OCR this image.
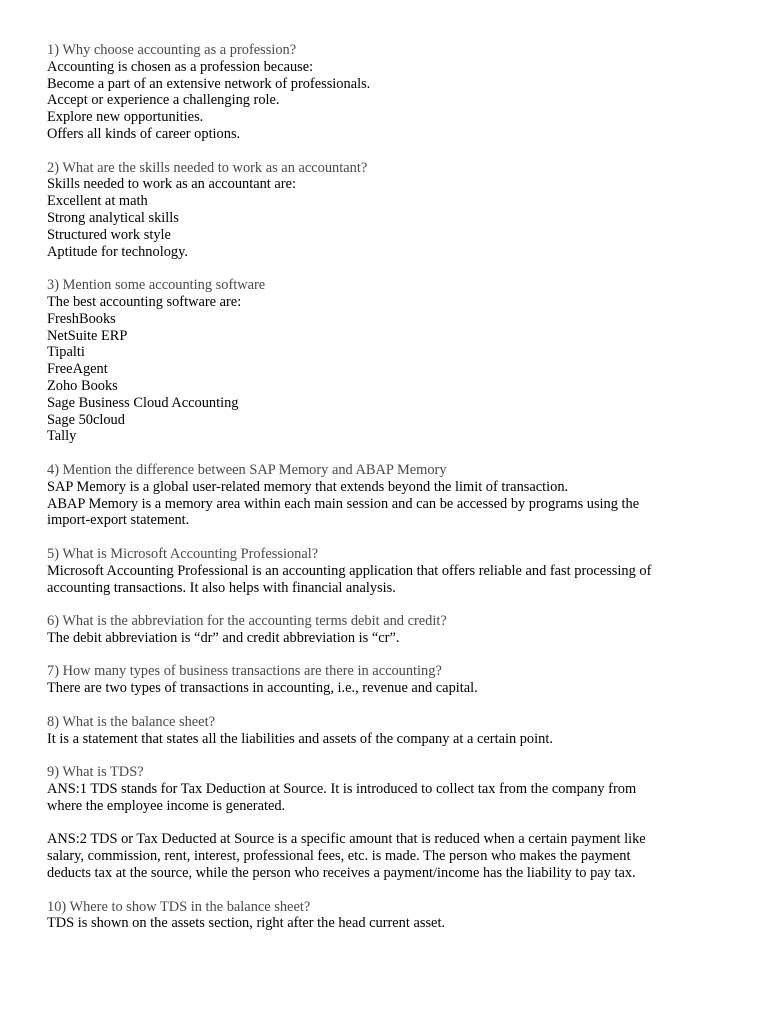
1) Why choose accounting as a profession?
Accounting is chosen as a profession because:
Become a part of an extensive network of professionals.
Accept or experience a challenging role.
Explore new opportunities.
Offers all kinds of career options.
2) What are the skills needed to work as an accountant?
Skills needed to work as an accountant are:
Excellent at math
Strong analytical skills
Structured work style
Aptitude for technology.
3) Mention some accounting software
The best accounting software are:
FreshBooks
NetSuite ERP
Tipalti
FreeAgent
Zoho Books
Sage Business Cloud Accounting
Sage 50cloud
Tally
4) Mention the difference between SAP Memory and ABAP Memory
SAP Memory is a global user-related memory that extends beyond the limit of transaction.
ABAP Memory is a memory area within each main session and can be accessed by programs using the
import-export statement.
5) What is Microsoft Accounting Professional?
Microsoft Accounting Professional is an accounting application that offers reliable and fast processing of
accounting transactions. It also helps with financial analysis.
6) What is the abbreviation for the accounting terms debit and credit?
The debit abbreviation is “dr” and credit abbreviation is “cr”.
7) How many types of business transactions are there in accounting?
There are two types of transactions in accounting, i.e., revenue and capital.
8) What is the balance sheet?
It is a statement that states all the liabilities and assets of the company at a certain point.
9) What is TDS?
ANS:1 TDS stands for Tax Deduction at Source. It is introduced to collect tax from the company from
where the employee income is generated.
ANS:2 TDS or Tax Deducted at Source is a specific amount that is reduced when a certain payment like
salary, commission, rent, interest, professional fees, etc. is made. The person who makes the payment
deducts tax at the source, while the person who receives a payment/income has the liability to pay tax.
10) Where to show TDS in the balance sheet?
TDS is shown on the assets section, right after the head current asset.
